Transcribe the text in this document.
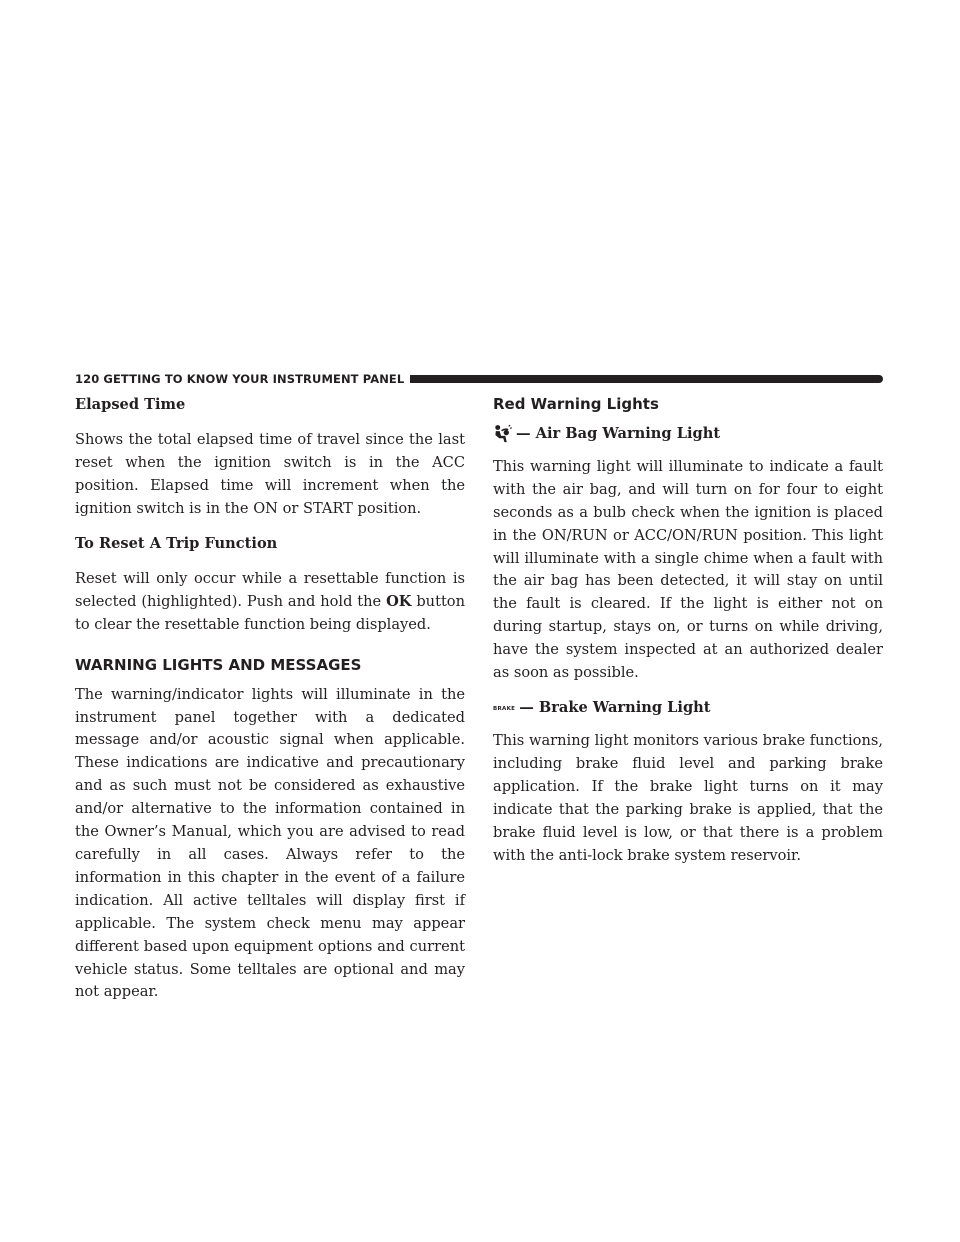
120 GETTING TO KNOW YOUR INSTRUMENT PANEL
Elapsed Time

Shows the total elapsed time of travel since the last reset when the ignition switch is in the ACC position. Elapsed time will increment when the ignition switch is in the ON or START position.

To Reset A Trip Function

Reset will only occur while a resettable function is selected (highlighted). Push and hold the OK button to clear the resettable function being displayed.

WARNING LIGHTS AND MESSAGES

The warning/indicator lights will illuminate in the instrument panel together with a dedicated message and/or acoustic signal when applicable. These indications are indicative and precautionary and as such must not be considered as exhaustive and/or alternative to the information contained in the Owner’s Manual, which you are advised to read carefully in all cases. Always refer to the information in this chapter in the event of a failure indication. All active telltales will display first if applicable. The system check menu may appear different based upon equipment options and current vehicle status. Some telltales are optional and may not appear.

Red Warning Lights
— Air Bag Warning Light

This warning light will illuminate to indicate a fault with the air bag, and will turn on for four to eight seconds as a bulb check when the ignition is placed in the ON/RUN or ACC/ON/RUN position. This light will illuminate with a single chime when a fault with the air bag has been detected, it will stay on until the fault is cleared. If the light is either not on during startup, stays on, or turns on while driving, have the system inspected at an authorized dealer as soon as possible.

BRAKE — Brake Warning Light

This warning light monitors various brake functions, including brake fluid level and parking brake application. If the brake light turns on it may indicate that the parking brake is applied, that the brake fluid level is low, or that there is a problem with the anti-lock brake system reservoir.
